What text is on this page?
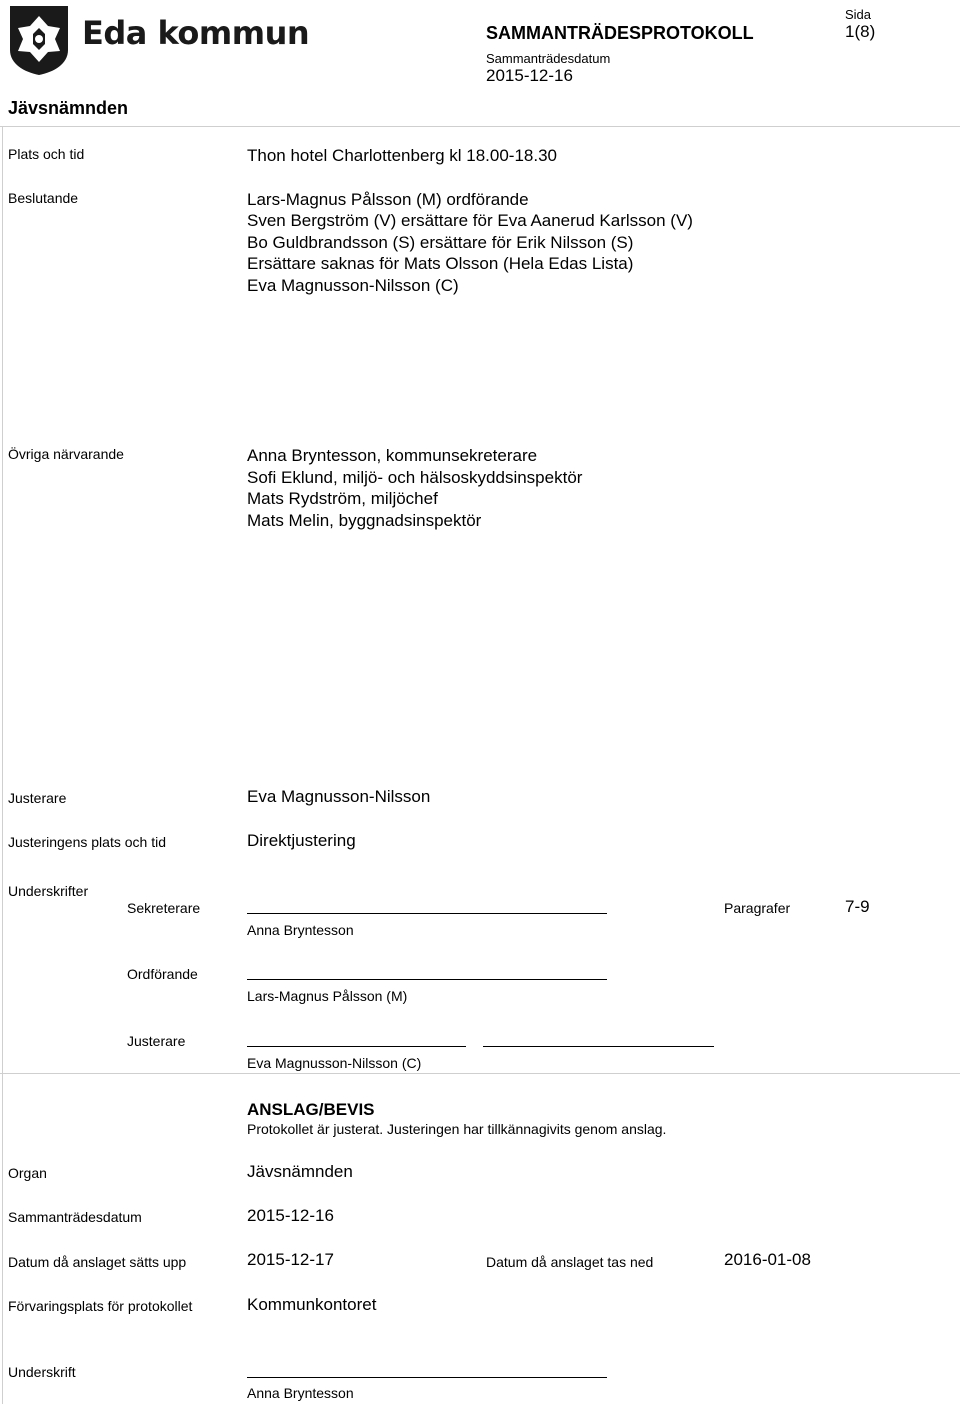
Eda kommun	SAMMANTRÄDESPROTOKOLL
Sammanträdesdatum
2015-12-16
Sida
1(8)
Jävsnämnden
Plats och tid	Thon hotel Charlottenberg kl 18.00-18.30
Beslutande	Lars-Magnus Pålsson (M) ordförande
Sven Bergström (V) ersättare för Eva Aanerud Karlsson (V)
Bo Guldbrandsson (S) ersättare för Erik Nilsson (S)
Ersättare saknas för Mats Olsson (Hela Edas Lista)
Eva Magnusson-Nilsson (C)
Övriga närvarande	Anna Bryntesson, kommunsekreterare
Sofi Eklund, miljö- och hälsoskyddsinspektör
Mats Rydström, miljöchef
Mats Melin, byggnadsinspektör
Justerare	Eva Magnusson-Nilsson
Justeringens plats och tid	Direktjustering
Underskrifter
Sekreterare
Anna Bryntesson
Paragrafer	7-9
Ordförande
Lars-Magnus Pålsson (M)
Justerare
Eva Magnusson-Nilsson (C)
ANSLAG/BEVIS
Protokollet är justerat. Justeringen har tillkännagivits genom anslag.
Organ	Jävsnämnden
Sammanträdesdatum	2015-12-16
Datum då anslaget sätts upp	2015-12-17	Datum då anslaget tas ned	2016-01-08
Förvaringsplats för protokollet	Kommunkontoret
Underskrift
Anna Bryntesson
